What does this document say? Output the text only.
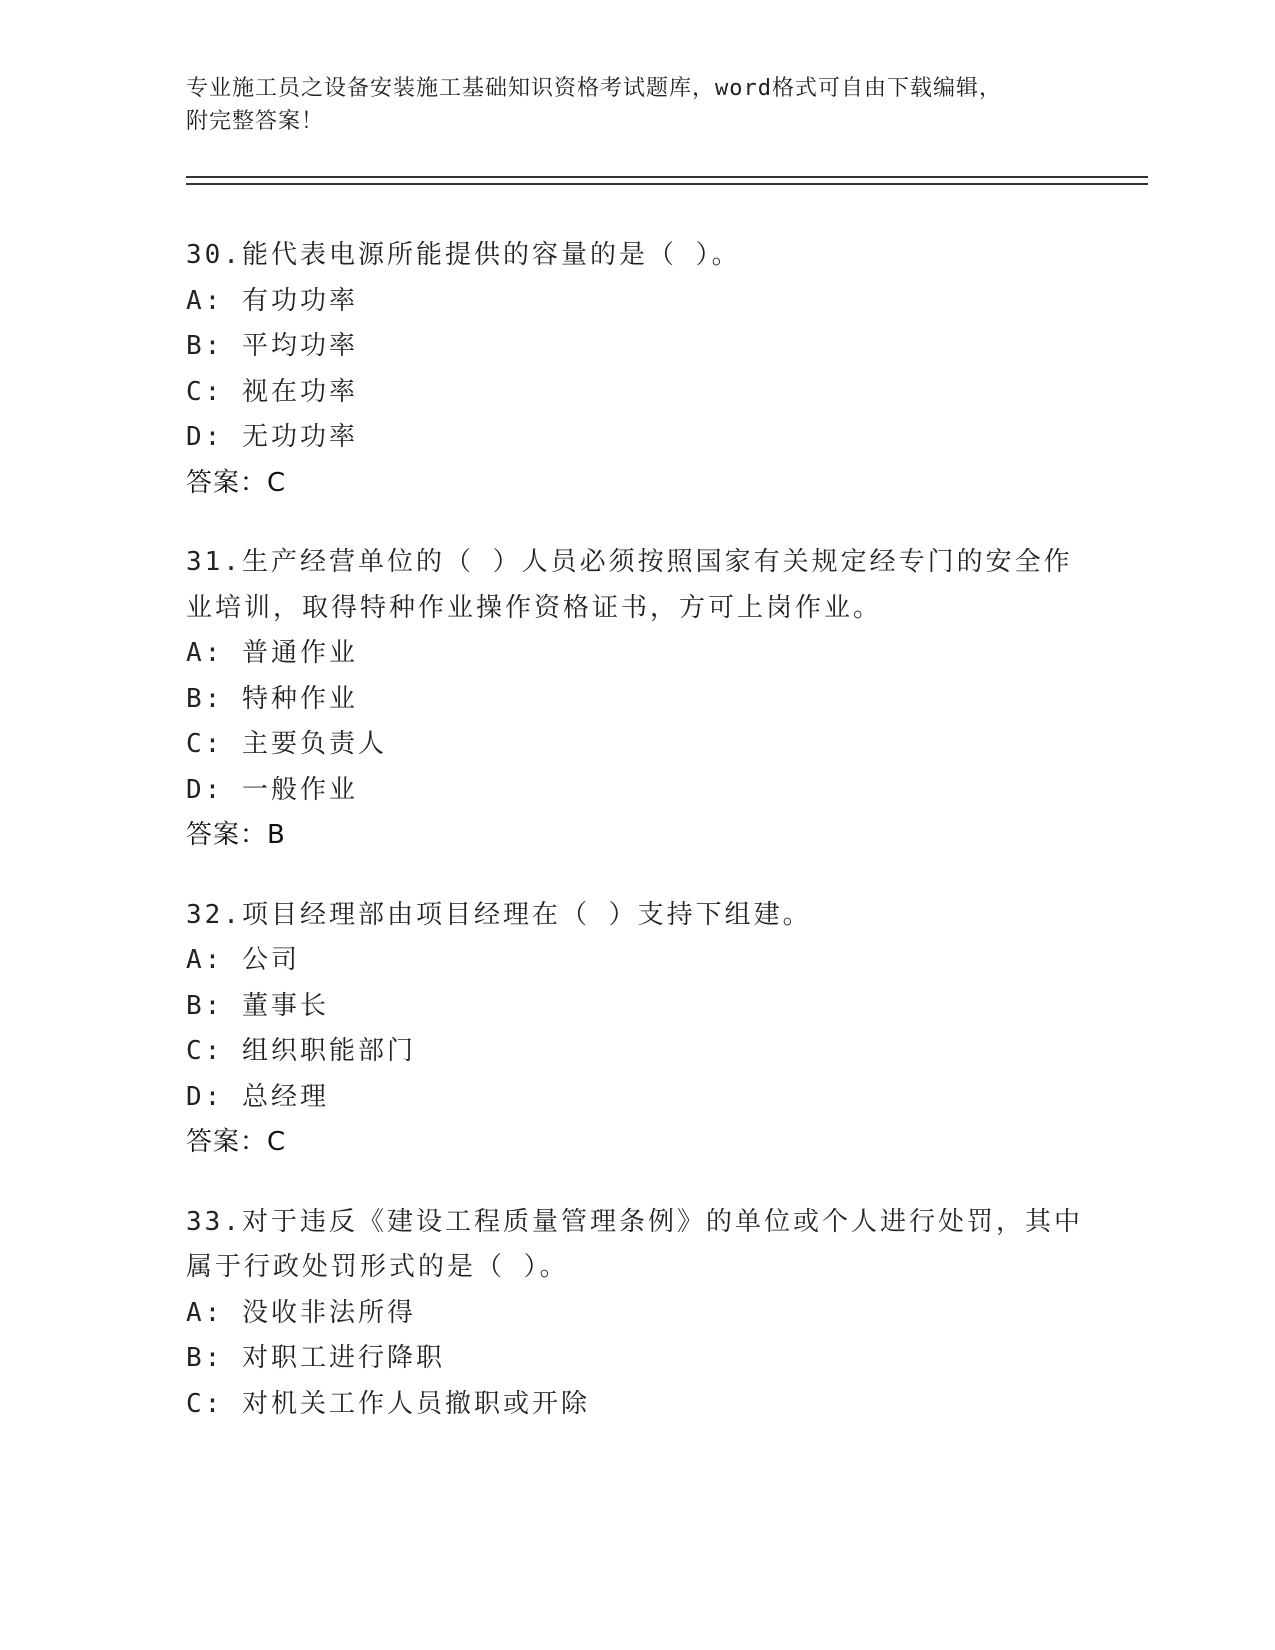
专业施工员之设备安装施工基础知识资格考试题库，word格式可自由下载编辑，
附完整答案！

30.能代表电源所能提供的容量的是（ ）。

A: 有功功率

B: 平均功率

C: 视在功率

D: 无功功率

答案：C

31.生产经营单位的（ ）人员必须按照国家有关规定经专门的安全作业培训，取得特种作业操作资格证书，方可上岗作业。

A: 普通作业

B: 特种作业

C: 主要负责人

D: 一般作业

答案：B

32.项目经理部由项目经理在（ ）支持下组建。

A: 公司

B: 董事长

C: 组织职能部门

D: 总经理

答案：C

33.对于违反《建设工程质量管理条例》的单位或个人进行处罚，其中属于行政处罚形式的是（ ）。

A: 没收非法所得

B: 对职工进行降职

C: 对机关工作人员撤职或开除
